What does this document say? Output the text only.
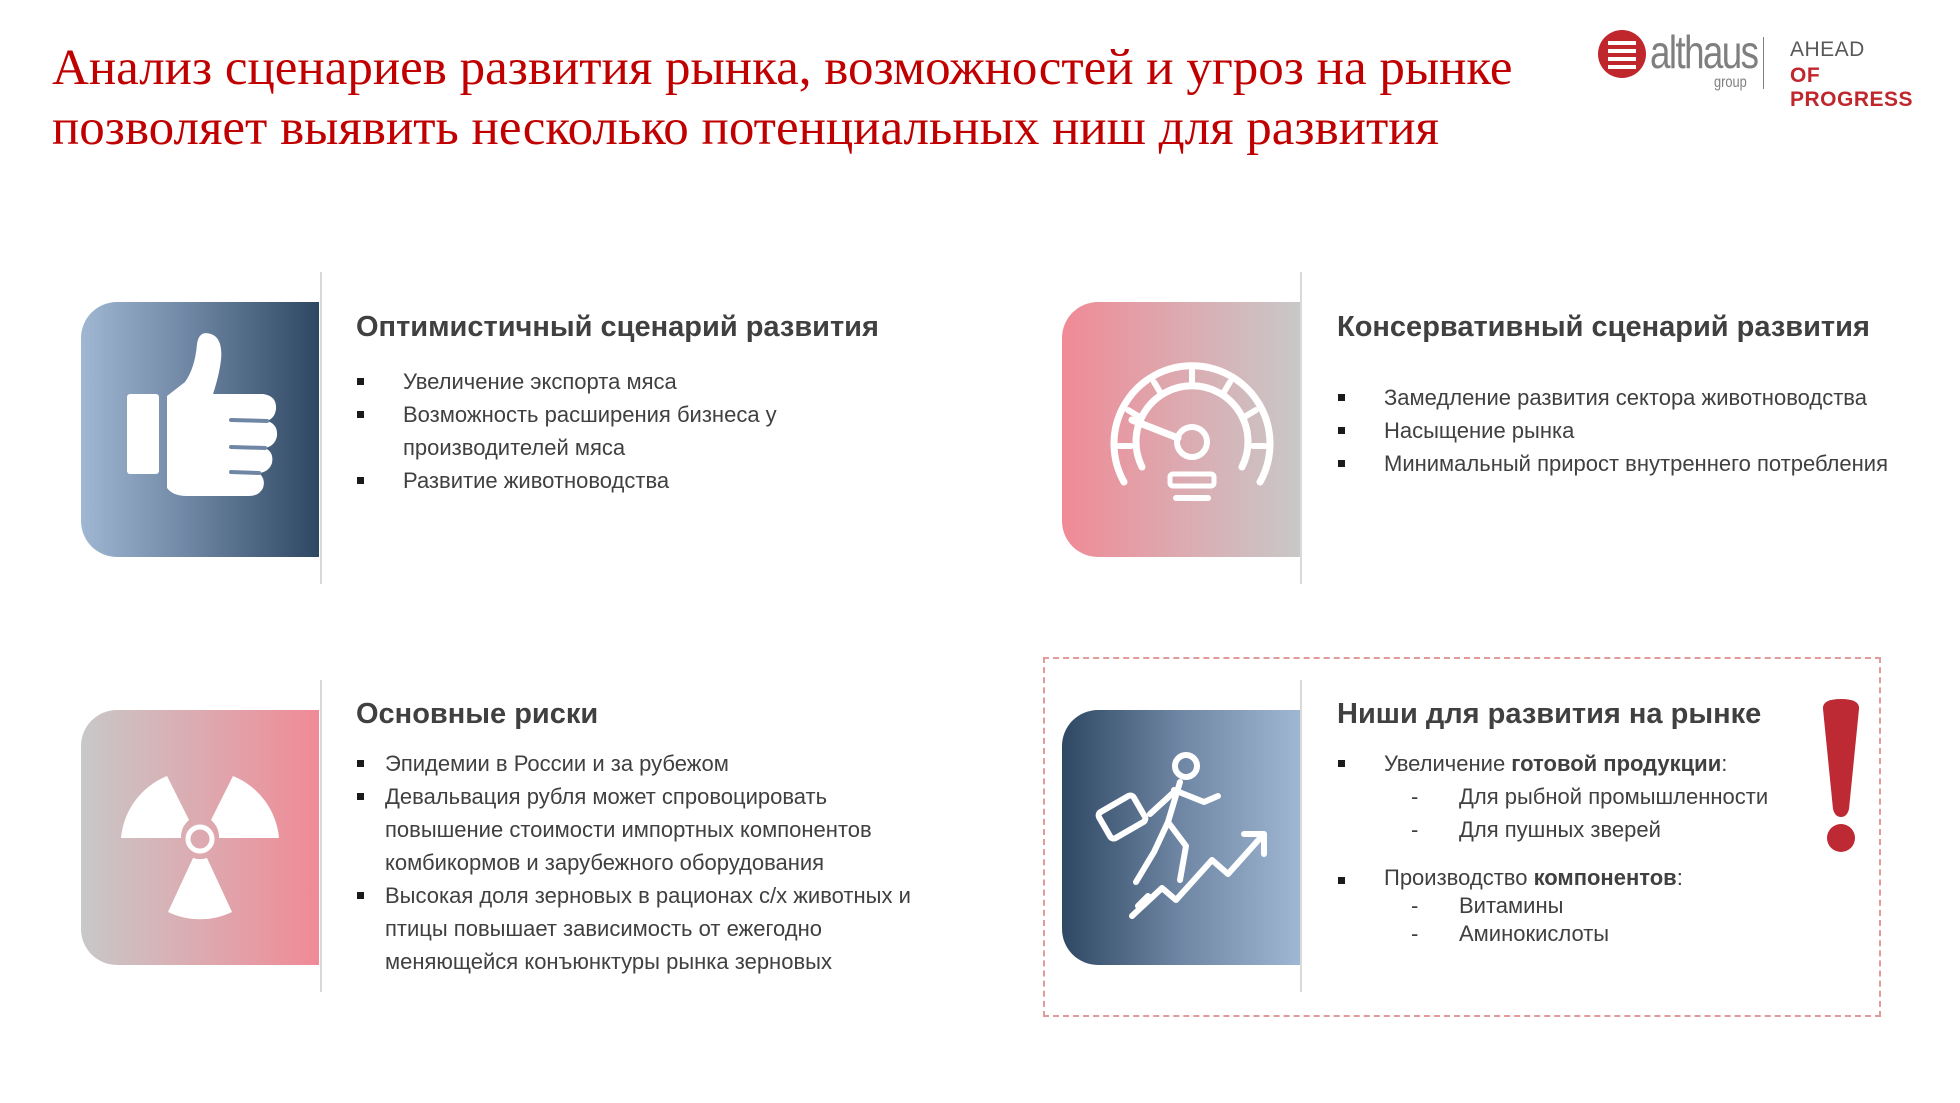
Анализ сценариев развития рынка, возможностей и угроз на рынке позволяет выявить несколько потенциальных ниш для развития
althaus
group
AHEAD
OF PROGRESS
Оптимистичный сценарий развития
Увеличение экспорта мяса
Возможность расширения бизнеса у производителей мяса
Развитие животноводства
Консервативный сценарий развития
Замедление развития сектора животноводства
Насыщение рынка
Минимальный прирост внутреннего потребления
Основные риски
Эпидемии в России и за рубежом
Девальвация рубля может спровоцировать повышение стоимости импортных компонентов комбикормов и зарубежного оборудования
Высокая доля зерновых в рационах с/х животных и птицы повышает зависимость от ежегодно меняющейся конъюнктуры рынка зерновых
Ниши для развития на рынке
Увеличение готовой продукции:
- Для рыбной промышленности
- Для пушных зверей
Производство компонентов:
- Витамины
- Аминокислоты
